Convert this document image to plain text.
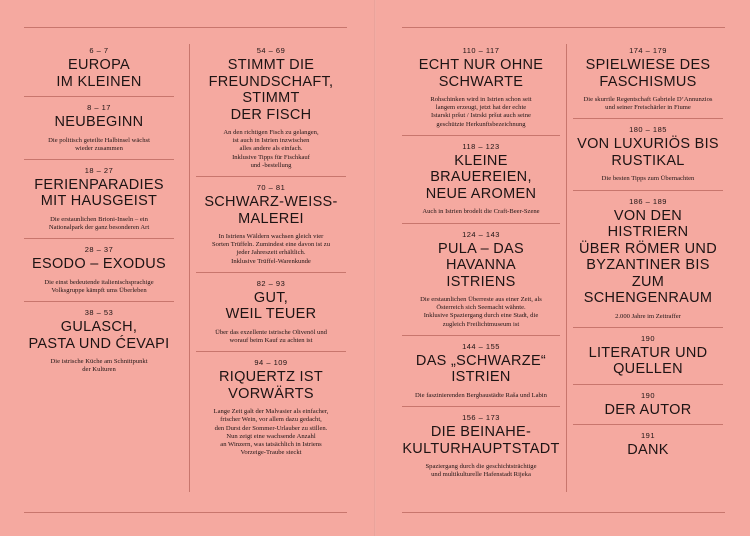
6 – 7
EUROPA
IM KLEINEN
8 – 17
NEUBEGINN
Die politisch geteilte Halbinsel wächst
wieder zusammen
18 – 27
FERIENPARADIES
MIT HAUSGEIST
Die erstaunlichen Brioni-Inseln – ein
Nationalpark der ganz besonderen Art
28 – 37
ESODO – EXODUS
Die einst bedeutende italienischsprachige
Volksgruppe kämpft ums Überleben
38 – 53
GULASCH,
PASTA UND ĆEVAPI
Die istrische Küche am Schnittpunkt
der Kulturen
54 – 69
STIMMT DIE
FREUNDSCHAFT,
STIMMT
DER FISCH
An den richtigen Fisch zu gelangen,
ist auch in Istrien inzwischen
alles andere als einfach.
Inklusive Tipps für Fischkauf
und -bestellung
70 – 81
SCHWARZ-WEISS-
MALEREI
In Istriens Wäldern wachsen gleich vier
Sorten Trüffeln. Zumindest eine davon ist zu
jeder Jahreszeit erhältlich.
Inklusive Trüffel-Warenkunde
82 – 93
GUT,
WEIL TEUER
Über das exzellente istrische Olivenöl und
worauf beim Kauf zu achten ist
94 – 109
RIQUERTZ IST
VORWÄRTS
Lange Zeit galt der Malvasier als einfacher,
frischer Wein, vor allem dazu gedacht,
den Durst der Sommer-Urlauber zu stillen.
Nun zeigt eine wachsende Anzahl
an Winzern, was tatsächlich in Istriens
Vorzeige-Traube steckt
110 – 117
ECHT NUR OHNE
SCHWARTE
Rohschinken wird in Istrien schon seit
langem erzeugt, jetzt hat der echte
Istarski pršut / Istrski pršut auch seine
geschützte Herkunftsbezeichnung
118 – 123
KLEINE BRAUEREIEN,
NEUE AROMEN
Auch in Istrien brodelt die Craft-Beer-Szene
124 – 143
PULA – DAS HAVANNA
ISTRIENS
Die erstaunlichen Überreste aus einer Zeit, als
Österreich sich Seemacht wähnte.
Inklusive Spaziergang durch eine Stadt, die
zugleich Freilichtmuseum ist
144 – 155
DAS „SCHWARZE“
ISTRIEN
Die faszinierenden Bergbaustädte Raša und Labin
156 – 173
DIE BEINAHE-
KULTURHAUPTSTADT
Spaziergang durch die geschichtsträchtige
und multikulturelle Hafenstadt Rijeka
174 – 179
SPIELWIESE DES
FASCHISMUS
Die skurrile Regentschaft Gabriele D’Annunzios
und seiner Freischärler in Fiume
180 – 185
VON LUXURIÖS BIS
RUSTIKAL
Die besten Tipps zum Übernachten
186 – 189
VON DEN HISTRIERN
ÜBER RÖMER UND
BYZANTINER BIS ZUM
SCHENGENRAUM
2.000 Jahre im Zeitraffer
190
LITERATUR UND
QUELLEN
190
DER AUTOR
191
DANK
